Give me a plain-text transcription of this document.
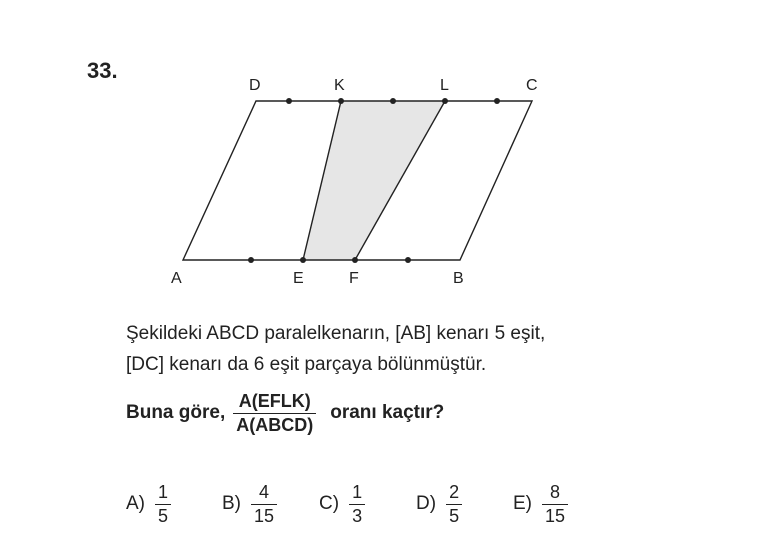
33.
D	K	L	C
A	E	F	B
Şekildeki ABCD paralelkenarın, [AB] kenarı 5 eşit,
[DC] kenarı da 6 eşit parçaya bölünmüştür.
Buna göre, $\frac{\text{A(EFLK)}}{\text{A(ABCD)}}$ oranı kaçtır?
$A) \frac{1}{5}$	$B) \frac{4}{15} C) \frac{1}{3}$	$D) \frac{2}{5}$	$E) \frac{8}{15}$
